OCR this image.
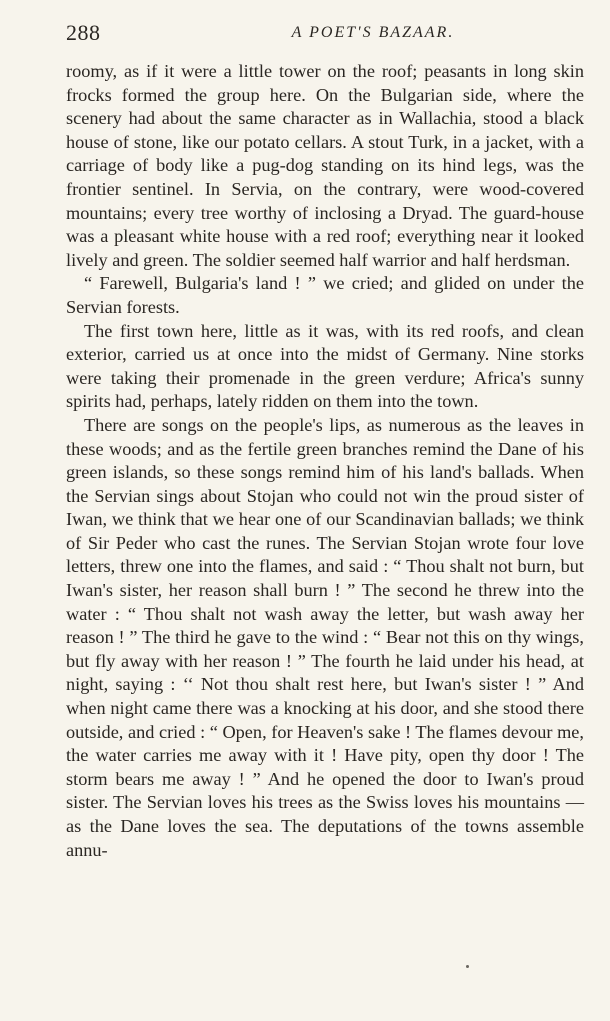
288	A POET'S BAZAAR.

roomy, as if it were a little tower on the roof; peasants in long skin frocks formed the group here. On the Bulgarian side, where the scenery had about the same character as in Wallachia, stood a black house of stone, like our potato cellars. A stout Turk, in a jacket, with a carriage of body like a pug-dog standing on its hind legs, was the frontier sentinel. In Servia, on the contrary, were wood-covered mountains; every tree worthy of inclosing a Dryad. The guard-house was a pleasant white house with a red roof; everything near it looked lively and green. The soldier seemed half warrior and half herdsman.

“ Farewell, Bulgaria's land ! ” we cried; and glided on under the Servian forests.

The first town here, little as it was, with its red roofs, and clean exterior, carried us at once into the midst of Germany. Nine storks were taking their promenade in the green verdure; Africa's sunny spirits had, perhaps, lately ridden on them into the town.

There are songs on the people's lips, as numerous as the leaves in these woods; and as the fertile green branches remind the Dane of his green islands, so these songs remind him of his land's ballads. When the Servian sings about Stojan who could not win the proud sister of Iwan, we think that we hear one of our Scandinavian ballads; we think of Sir Peder who cast the runes. The Servian Stojan wrote four love letters, threw one into the flames, and said : “ Thou shalt not burn, but Iwan's sister, her reason shall burn ! ” The second he threw into the water : “ Thou shalt not wash away the letter, but wash away her reason ! ” The third he gave to the wind : “ Bear not this on thy wings, but fly away with her reason ! ” The fourth he laid under his head, at night, saying : ‘‘ Not thou shalt rest here, but Iwan's sister ! ” And when night came there was a knocking at his door, and she stood there outside, and cried : “ Open, for Heaven's sake ! The flames devour me, the water carries me away with it ! Have pity, open thy door ! The storm bears me away ! ” And he opened the door to Iwan's proud sister. The Servian loves his trees as the Swiss loves his mountains — as the Dane loves the sea. The deputations of the towns assemble annu-
